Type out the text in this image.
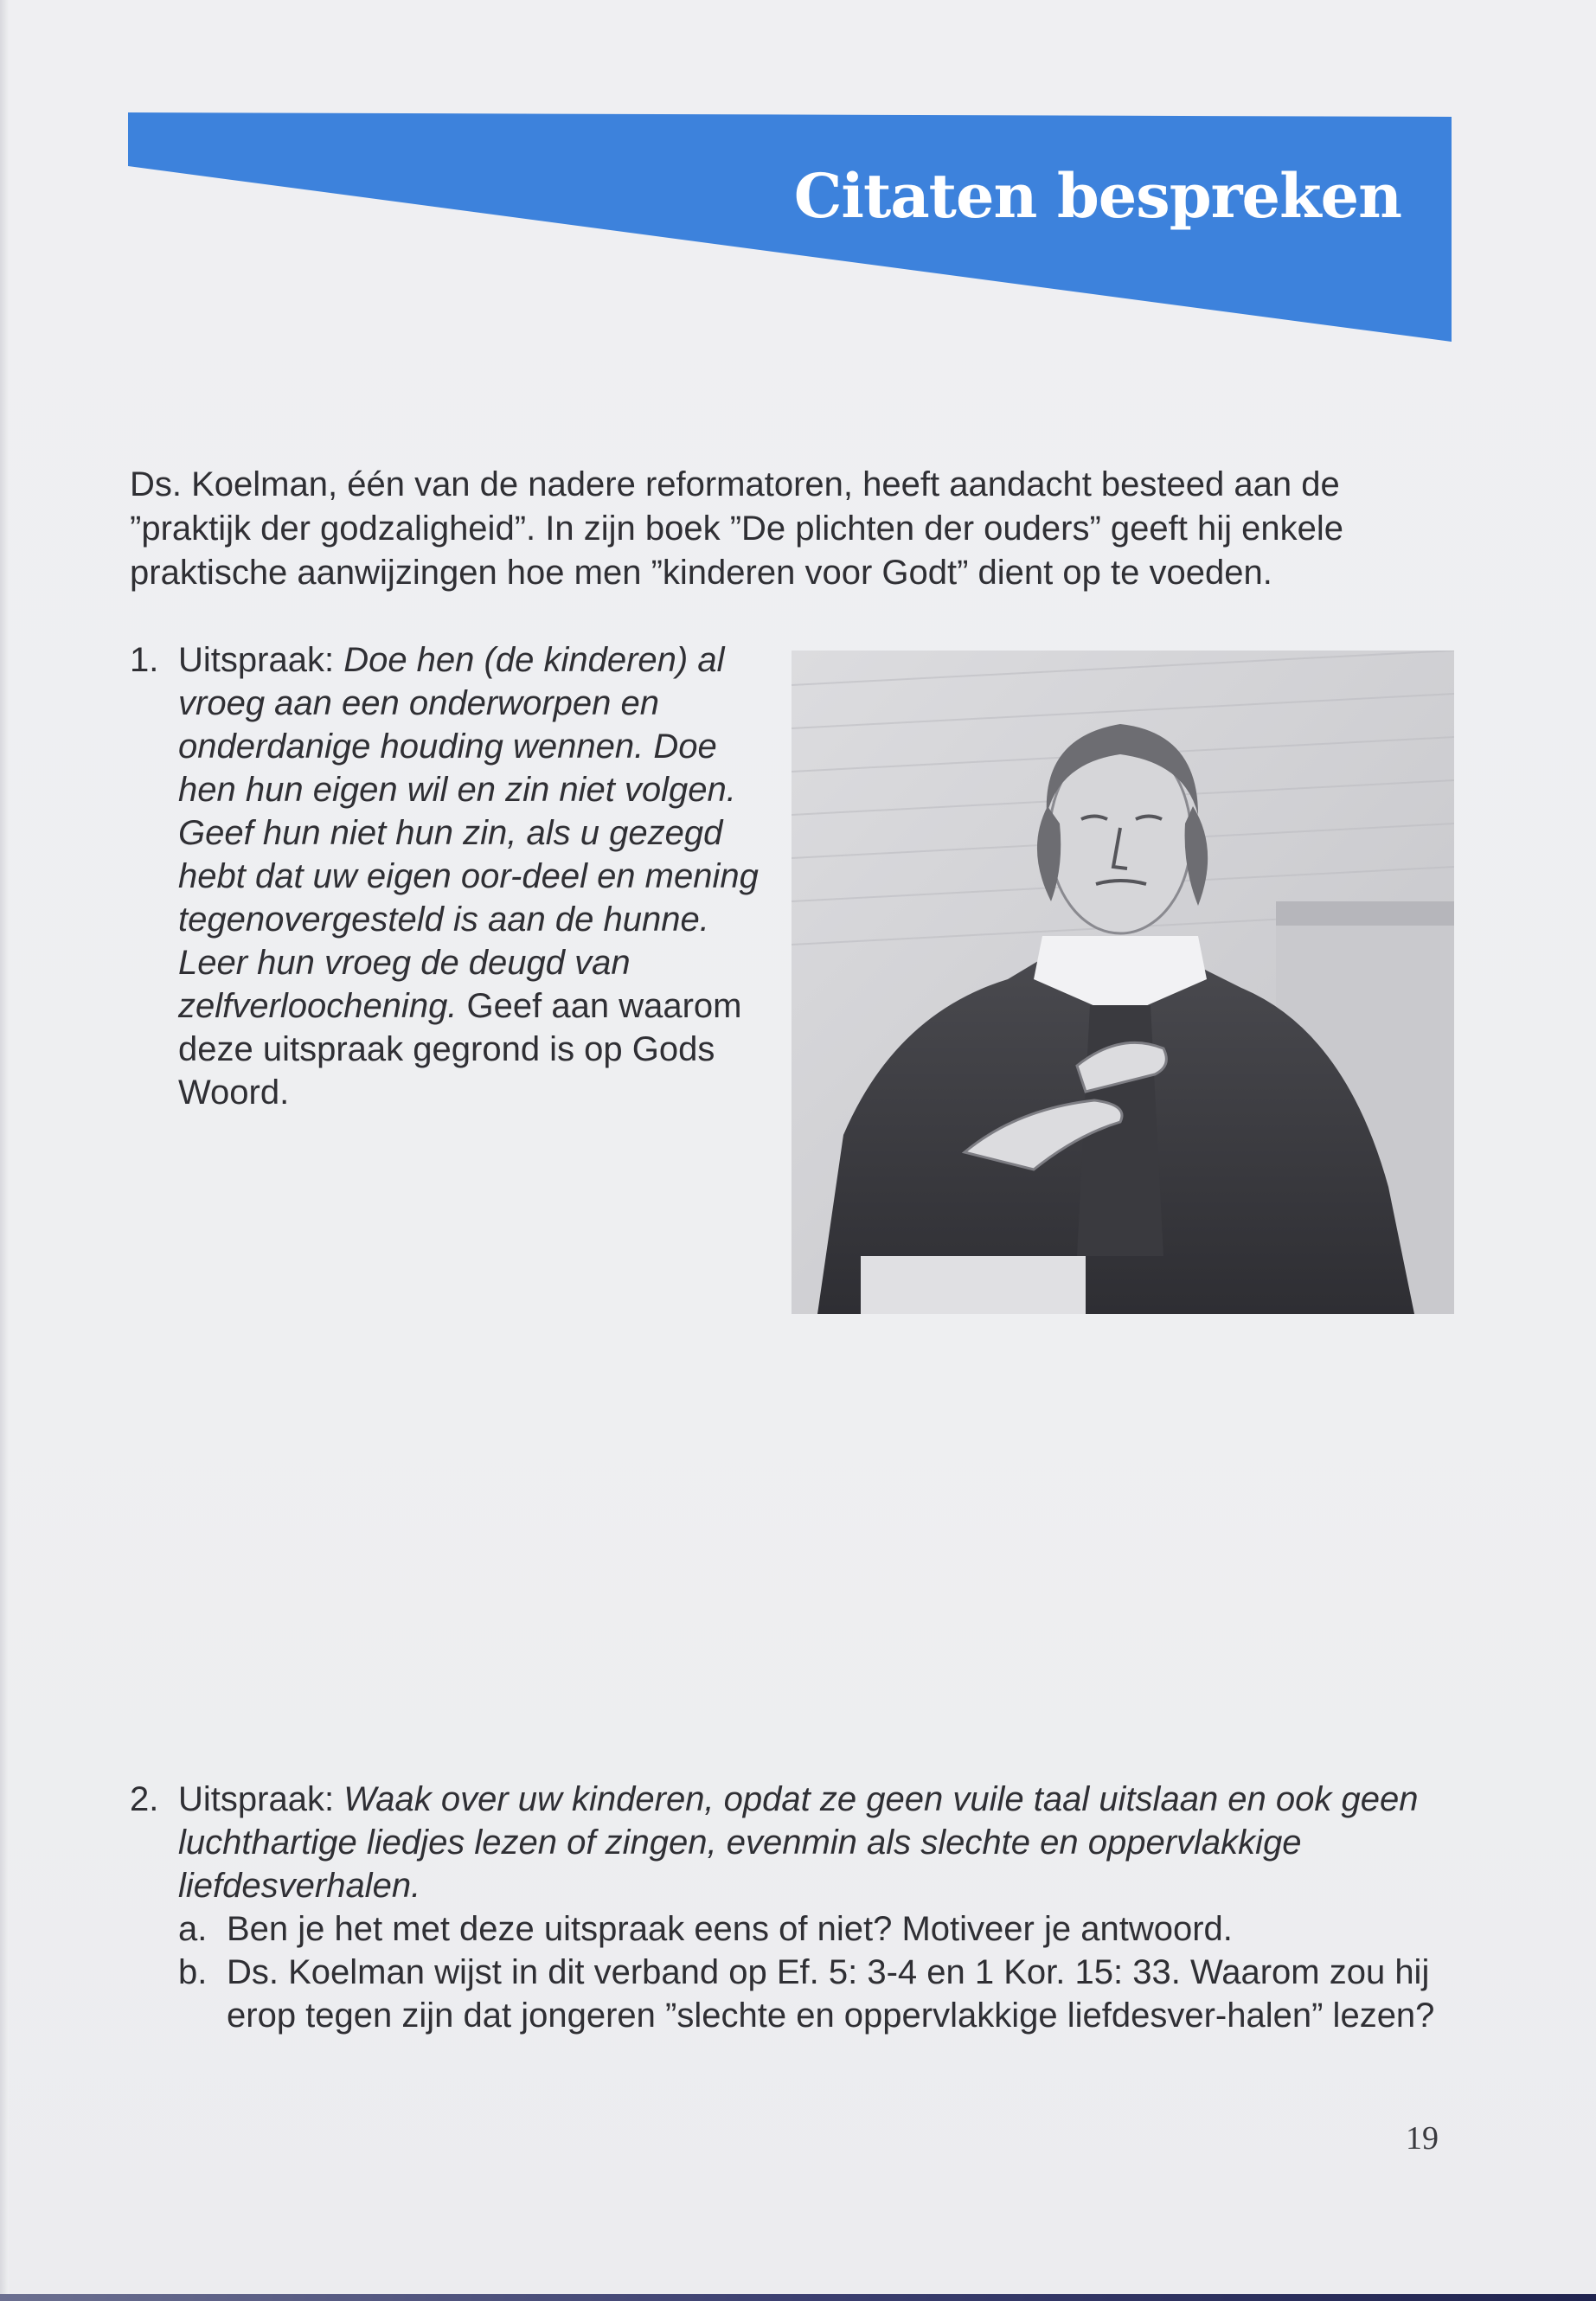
Citaten bespreken
Ds. Koelman, één van de nadere reformatoren, heeft aandacht besteed aan de ”praktijk der godzaligheid”. In zijn boek ”De plichten der ouders” geeft hij enkele praktische aanwijzingen hoe men ”kinderen voor Godt” dient op te voeden.
1. Uitspraak: Doe hen (de kinderen) al vroeg aan een onderworpen en onderdanige houding wennen. Doe hen hun eigen wil en zin niet volgen. Geef hun niet hun zin, als u gezegd hebt dat uw eigen oor-deel en mening tegenovergesteld is aan de hunne. Leer hun vroeg de deugd van zelfverloochening. Geef aan waarom deze uitspraak gegrond is op Gods Woord.
2. Uitspraak: Waak over uw kinderen, opdat ze geen vuile taal uitslaan en ook geen luchthartige liedjes lezen of zingen, evenmin als slechte en oppervlakkige liefdesverhalen.
a. Ben je het met deze uitspraak eens of niet? Motiveer je antwoord.
b. Ds. Koelman wijst in dit verband op Ef. 5: 3-4 en 1 Kor. 15: 33. Waarom zou hij erop tegen zijn dat jongeren ”slechte en oppervlakkige liefdesver-halen” lezen?
19
